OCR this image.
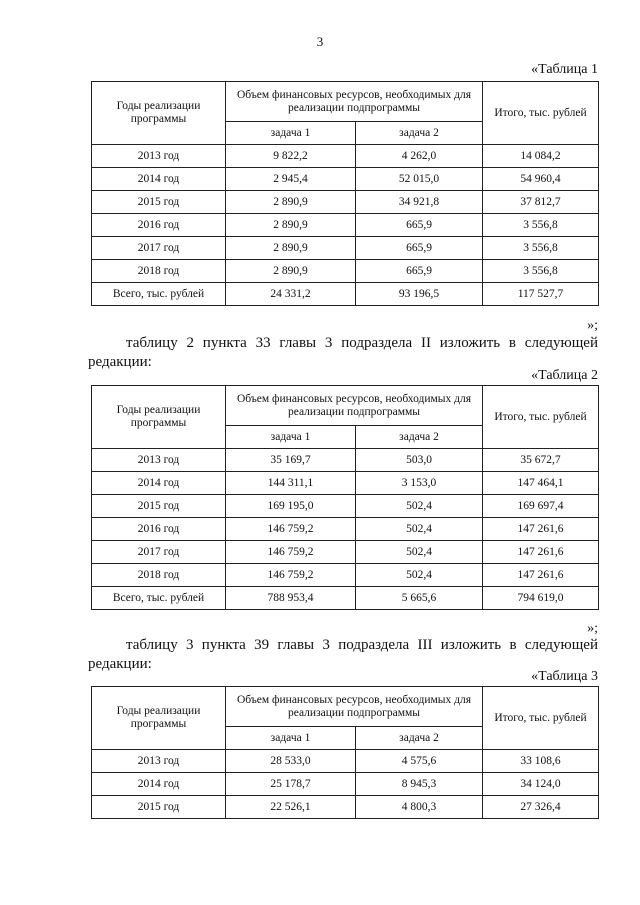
3
«Таблица 1
Годы реализации программы	Объем финансовых ресурсов, необходимых для реализации подпрограммы		Итого, тыс. рублей
	задача 1	задача 2	
2013 год	9 822,2	4 262,0	14 084,2
2014 год	2 945,4	52 015,0	54 960,4
2015 год	2 890,9	34 921,8	37 812,7
2016 год	2 890,9	665,9	3 556,8
2017 год	2 890,9	665,9	3 556,8
2018 год	2 890,9	665,9	3 556,8
Всего, тыс. рублей	24 331,2	93 196,5	117 527,7
»;
таблицу 2 пункта 33 главы 3 подраздела II изложить в следующей
редакции:
«Таблица 2
Годы реализации программы	Объем финансовых ресурсов, необходимых для реализации подпрограммы		Итого, тыс. рублей
	задача 1	задача 2	
2013 год	35 169,7	503,0	35 672,7
2014 год	144 311,1	3 153,0	147 464,1
2015 год	169 195,0	502,4	169 697,4
2016 год	146 759,2	502,4	147 261,6
2017 год	146 759,2	502,4	147 261,6
2018 год	146 759,2	502,4	147 261,6
Всего, тыс. рублей	788 953,4	5 665,6	794 619,0
»;
таблицу 3 пункта 39 главы 3 подраздела III изложить в следующей
редакции:
«Таблица 3
Годы реализации программы	Объем финансовых ресурсов, необходимых для реализации подпрограммы		Итого, тыс. рублей
	задача 1	задача 2	
2013 год	28 533,0	4 575,6	33 108,6
2014 год	25 178,7	8 945,3	34 124,0
2015 год	22 526,1	4 800,3	27 326,4
